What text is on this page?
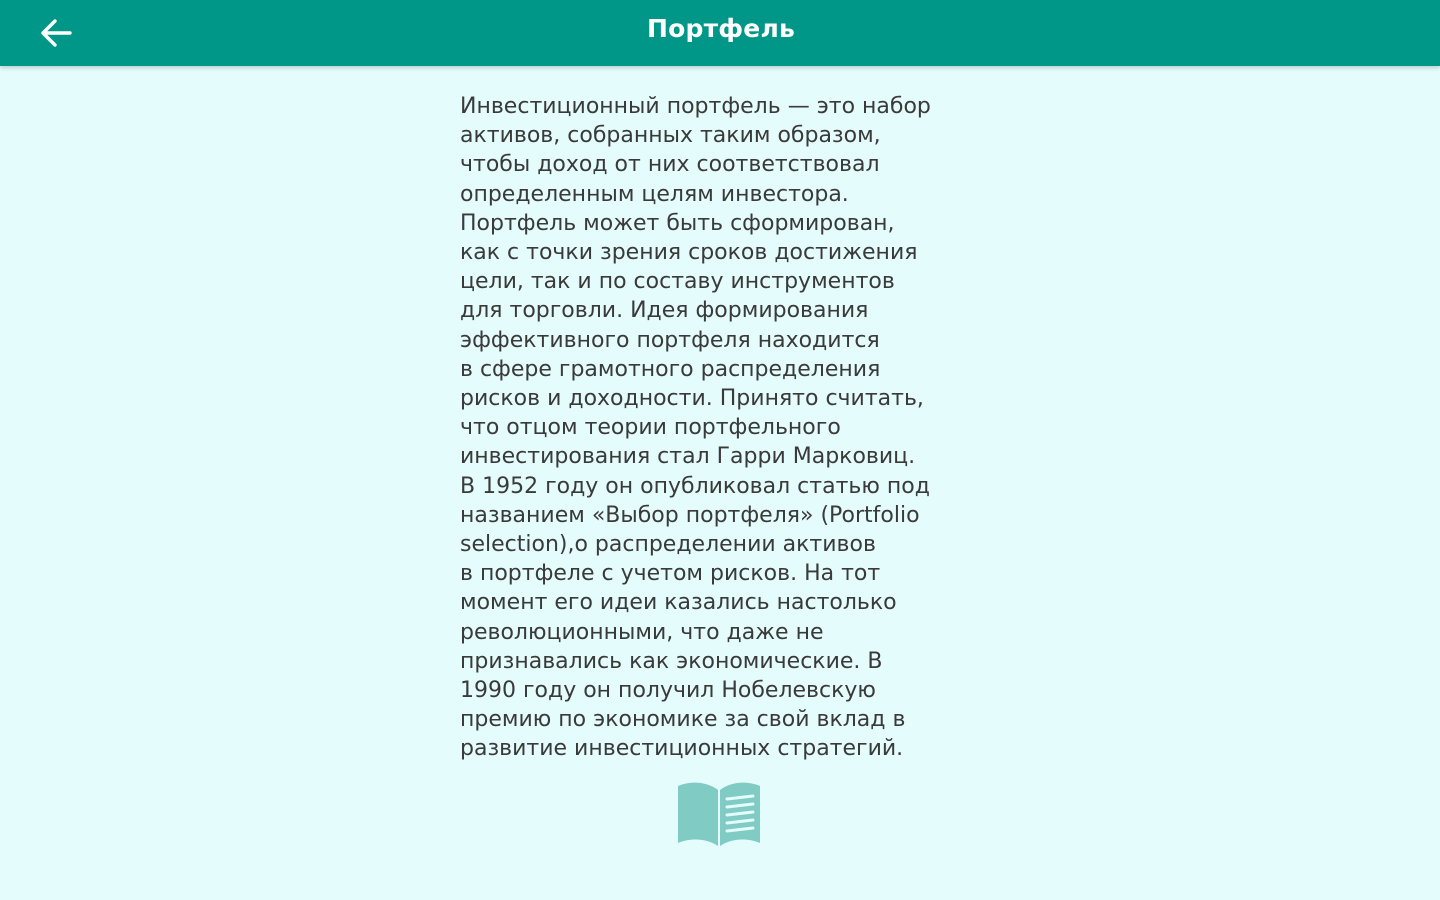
Портфель

Инвестиционный портфель — это набор
активов, собранных таким образом,
чтобы доход от них соответствовал
определенным целям инвестора.
Портфель может быть сформирован,
как с точки зрения сроков достижения
цели, так и по составу инструментов
для торговли. Идея формирования
эффективного портфеля находится
в сфере грамотного распределения
рисков и доходности. Принято считать,
что отцом теории портфельного
инвестирования стал Гарри Марковиц.
В 1952 году он опубликовал статью под
названием «Выбор портфеля» (Portfolio
selection),о распределении активов
в портфеле с учетом рисков. На тот
момент его идеи казались настолько
революционными, что даже не
признавались как экономические. В
1990 году он получил Нобелевскую
премию по экономике за свой вклад в
развитие инвестиционных стратегий.
